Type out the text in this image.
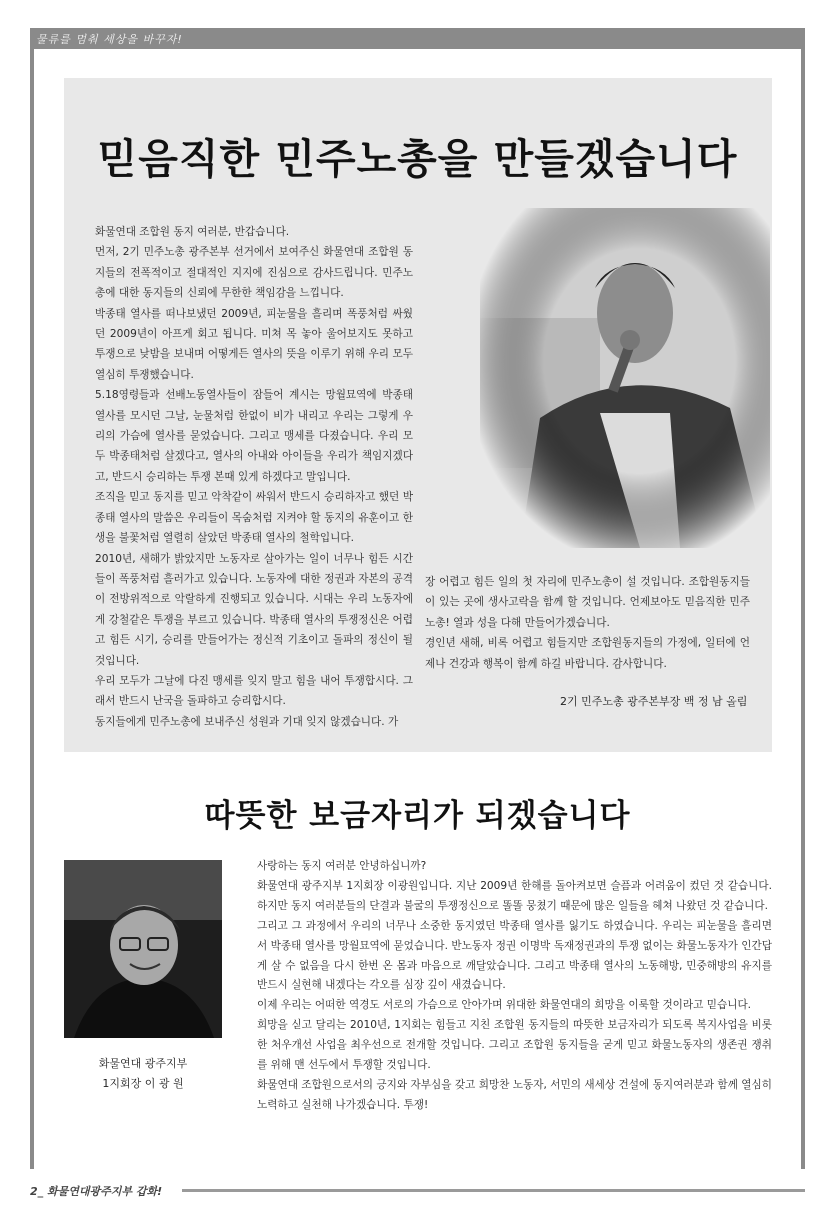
물류를 멈춰 세상을 바꾸자!
믿음직한 민주노총을 만들겠습니다

화물연대 조합원 동지 여러분, 반갑습니다.

먼저, 2기 민주노총 광주본부 선거에서 보여주신 화물연대 조합원 동지들의 전폭적이고 절대적인 지지에 진심으로 감사드립니다. 민주노총에 대한 동지들의 신뢰에 무한한 책임감을 느낍니다.

박종태 열사를 떠나보냈던 2009년, 피눈물을 흘리며 폭풍처럼 싸웠던 2009년이 아프게 회고 됩니다. 미쳐 목 놓아 울어보지도 못하고 투쟁으로 낮밤을 보내며 어떻게든 열사의 뜻을 이루기 위해 우리 모두 열심히 투쟁했습니다.

5.18영령들과 선배노동열사들이 잠들어 계시는 망월묘역에 박종태 열사를 모시던 그날, 눈물처럼 한없이 비가 내리고 우리는 그렇게 우리의 가슴에 열사를 묻었습니다. 그리고 맹세를 다졌습니다. 우리 모두 박종태처럼 살겠다고, 열사의 아내와 아이들을 우리가 책임지겠다고, 반드시 승리하는 투쟁 본때 있게 하겠다고 말입니다.

조직을 믿고 동지를 믿고 악착같이 싸워서 반드시 승리하자고 했던 박종태 열사의 말씀은 우리들이 목숨처럼 지켜야 할 동지의 유훈이고 한생을 불꽃처럼 열렬히 살았던 박종태 열사의 철학입니다.

2010년, 새해가 밝았지만 노동자로 살아가는 일이 너무나 힘든 시간들이 폭풍처럼 흘러가고 있습니다. 노동자에 대한 정권과 자본의 공격이 전방위적으로 악랄하게 진행되고 있습니다. 시대는 우리 노동자에게 강철같은 투쟁을 부르고 있습니다. 박종태 열사의 투쟁정신은 어렵고 힘든 시기, 승리를 만들어가는 정신적 기초이고 돌파의 정신이 될 것입니다.

우리 모두가 그날에 다진 맹세를 잊지 말고 힘을 내어 투쟁합시다. 그래서 반드시 난국을 돌파하고 승리합시다.

동지들에게 민주노총에 보내주신 성원과 기대 잊지 않겠습니다. 가

장 어렵고 힘든 일의 첫 자리에 민주노총이 설 것입니다. 조합원동지들이 있는 곳에 생사고락을 함께 할 것입니다. 언제보아도 믿음직한 민주노총! 열과 성을 다해 만들어가겠습니다.

경인년 새해, 비록 어렵고 힘들지만 조합원동지들의 가정에, 일터에 언제나 건강과 행복이 함께 하길 바랍니다. 감사합니다.

2기 민주노총 광주본부장 백 정 남 올림
따뜻한 보금자리가 되겠습니다
화물연대 광주지부
1지회장 이 광 원

사랑하는 동지 여러분 안녕하십니까?

화물연대 광주지부 1지회장 이광원입니다. 지난 2009년 한해를 돌아켜보면 슬픔과 어려움이 컸던 것 같습니다. 하지만 동지 여러분들의 단결과 불굴의 투쟁정신으로 똘똘 뭉쳤기 때문에 많은 일들을 헤쳐 나왔던 것 같습니다.

그리고 그 과정에서 우리의 너무나 소중한 동지였던 박종태 열사를 잃기도 하였습니다. 우리는 피눈물을 흘리면서 박종태 열사를 망월묘역에 묻었습니다. 반노동자 정권 이명박 독재정권과의 투쟁 없이는 화물노동자가 인간답게 살 수 없음을 다시 한번 온 몸과 마음으로 깨달았습니다. 그리고 박종태 열사의 노동해방, 민중해방의 유지를 반드시 실현해 내겠다는 각오를 심장 깊이 새겼습니다.

이제 우리는 어떠한 역경도 서로의 가슴으로 안아가며 위대한 화물연대의 희망을 이룩할 것이라고 믿습니다.

희망을 싣고 달리는 2010년, 1지회는 힘들고 지친 조합원 동지들의 따뜻한 보금자리가 되도록 복지사업을 비롯한 처우개선 사업을 최우선으로 전개할 것입니다. 그리고 조합원 동지들을 굳게 믿고 화물노동자의 생존권 쟁취를 위해 맨 선두에서 투쟁할 것입니다.

화물연대 조합원으로서의 긍지와 자부심을 갖고 희망찬 노동자, 서민의 새세상 건설에 동지여러분과 함께 열심히 노력하고 실천해 나가겠습니다. 투쟁!

2_ 화물연대광주지부 갑화!
